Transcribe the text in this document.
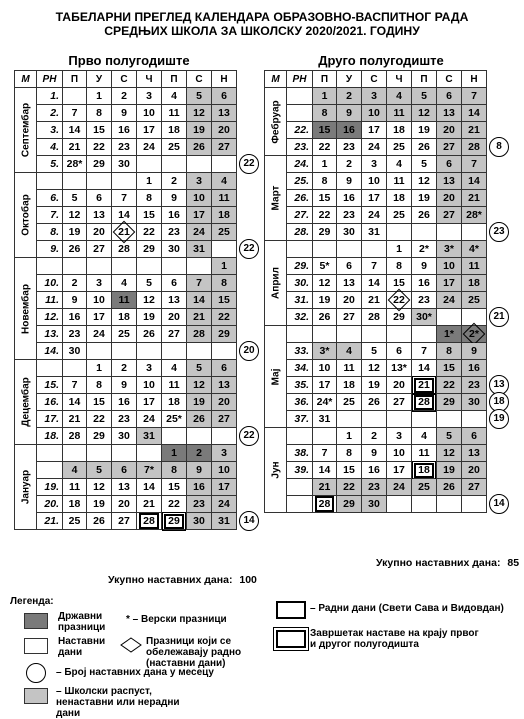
ТАБЕЛАРНИ ПРЕГЛЕД КАЛЕНДАРА ОБРАЗОВНО-ВАСПИТНОГ РАДА
СРЕДЊИХ ШКОЛА ЗА ШКОЛСКУ 2020/2021. ГОДИНУ
Прво полугодиште	Друго полугодиште
М	РН	П	У	С	Ч	П	С	Н

Септембар	1.		1	2	3	4	5	6
	2.	7	8	9	10	11	12	13
	3.	14	15	16	17	18	19	20
	4.	21	22	23	24	25	26	27
	5.	28*	29	30				

Октобар					1	2	3	4
	6.	5	6	7	8	9	10	11
	7.	12	13	14	15	16	17	18
	8.	19	20	21	22	23	24	25
	9.	26	27	28	29	30	31	

Новембар								1
	10.	2	3	4	5	6	7	8
	11.	9	10	11	12	13	14	15
	12.	16	17	18	19	20	21	22
	13.	23	24	25	26	27	28	29
	14.	30						

Децембар			1	2	3	4	5	6
	15.	7	8	9	10	11	12	13
	16.	14	15	16	17	18	19	20
	17.	21	22	23	24	25*	26	27
	18.	28	29	30	31			

Јануар						1	2	3
		4	5	6	7*	8	9	10
	19.	11	12	13	14	15	16	17
	20.	18	19	20	21	22	23	24
	21.	25	26	27	28	29	30	31
М	РН	П	У	С	Ч	П	С	Н

Фебруар		1	2	3	4	5	6	7
		8	9	10	11	12	13	14
	22.	15	16	17	18	19	20	21
	23.	22	23	24	25	26	27	28

Март	24.	1	2	3	4	5	6	7
	25.	8	9	10	11	12	13	14
	26.	15	16	17	18	19	20	21
	27.	22	23	24	25	26	27	28*
	28.	29	30	31				

Април					1	2*	3*	4*
	29.	5*	6	7	8	9	10	11
	30.	12	13	14	15	16	17	18
	31.	19	20	21	22	23	24	25
	32.	26	27	28	29	30*		

Мај							1*	2*
	33.	3*	4	5	6	7	8	9
	34.	10	11	12	13*	14	15	16
	35.	17	18	19	20	21	22	23
	36.	24*	25	26	27	28	29	30
	37.	31						

Јун			1	2	3	4	5	6
	38.	7	8	9	10	11	12	13
	39.	14	15	16	17	18	19	20
		21	22	23	24	25	26	27
		28	29	30				
Укупно наставних дана: 100
Укупно наставних дана: 85
Легенда:
Државни празници
* – Верски празници
Наставни дани
Празници који се обележавају радно (наставни дани)
– Број наставних дана у месецу
– Школски распуст, ненаставни или нерадни дани
– Радни дани (Свети Сава и Видовдан)
Завршетак наставе на крају првог и другог полугодишта
22
22
20
22
14
8
23
21
13
14
18
19
